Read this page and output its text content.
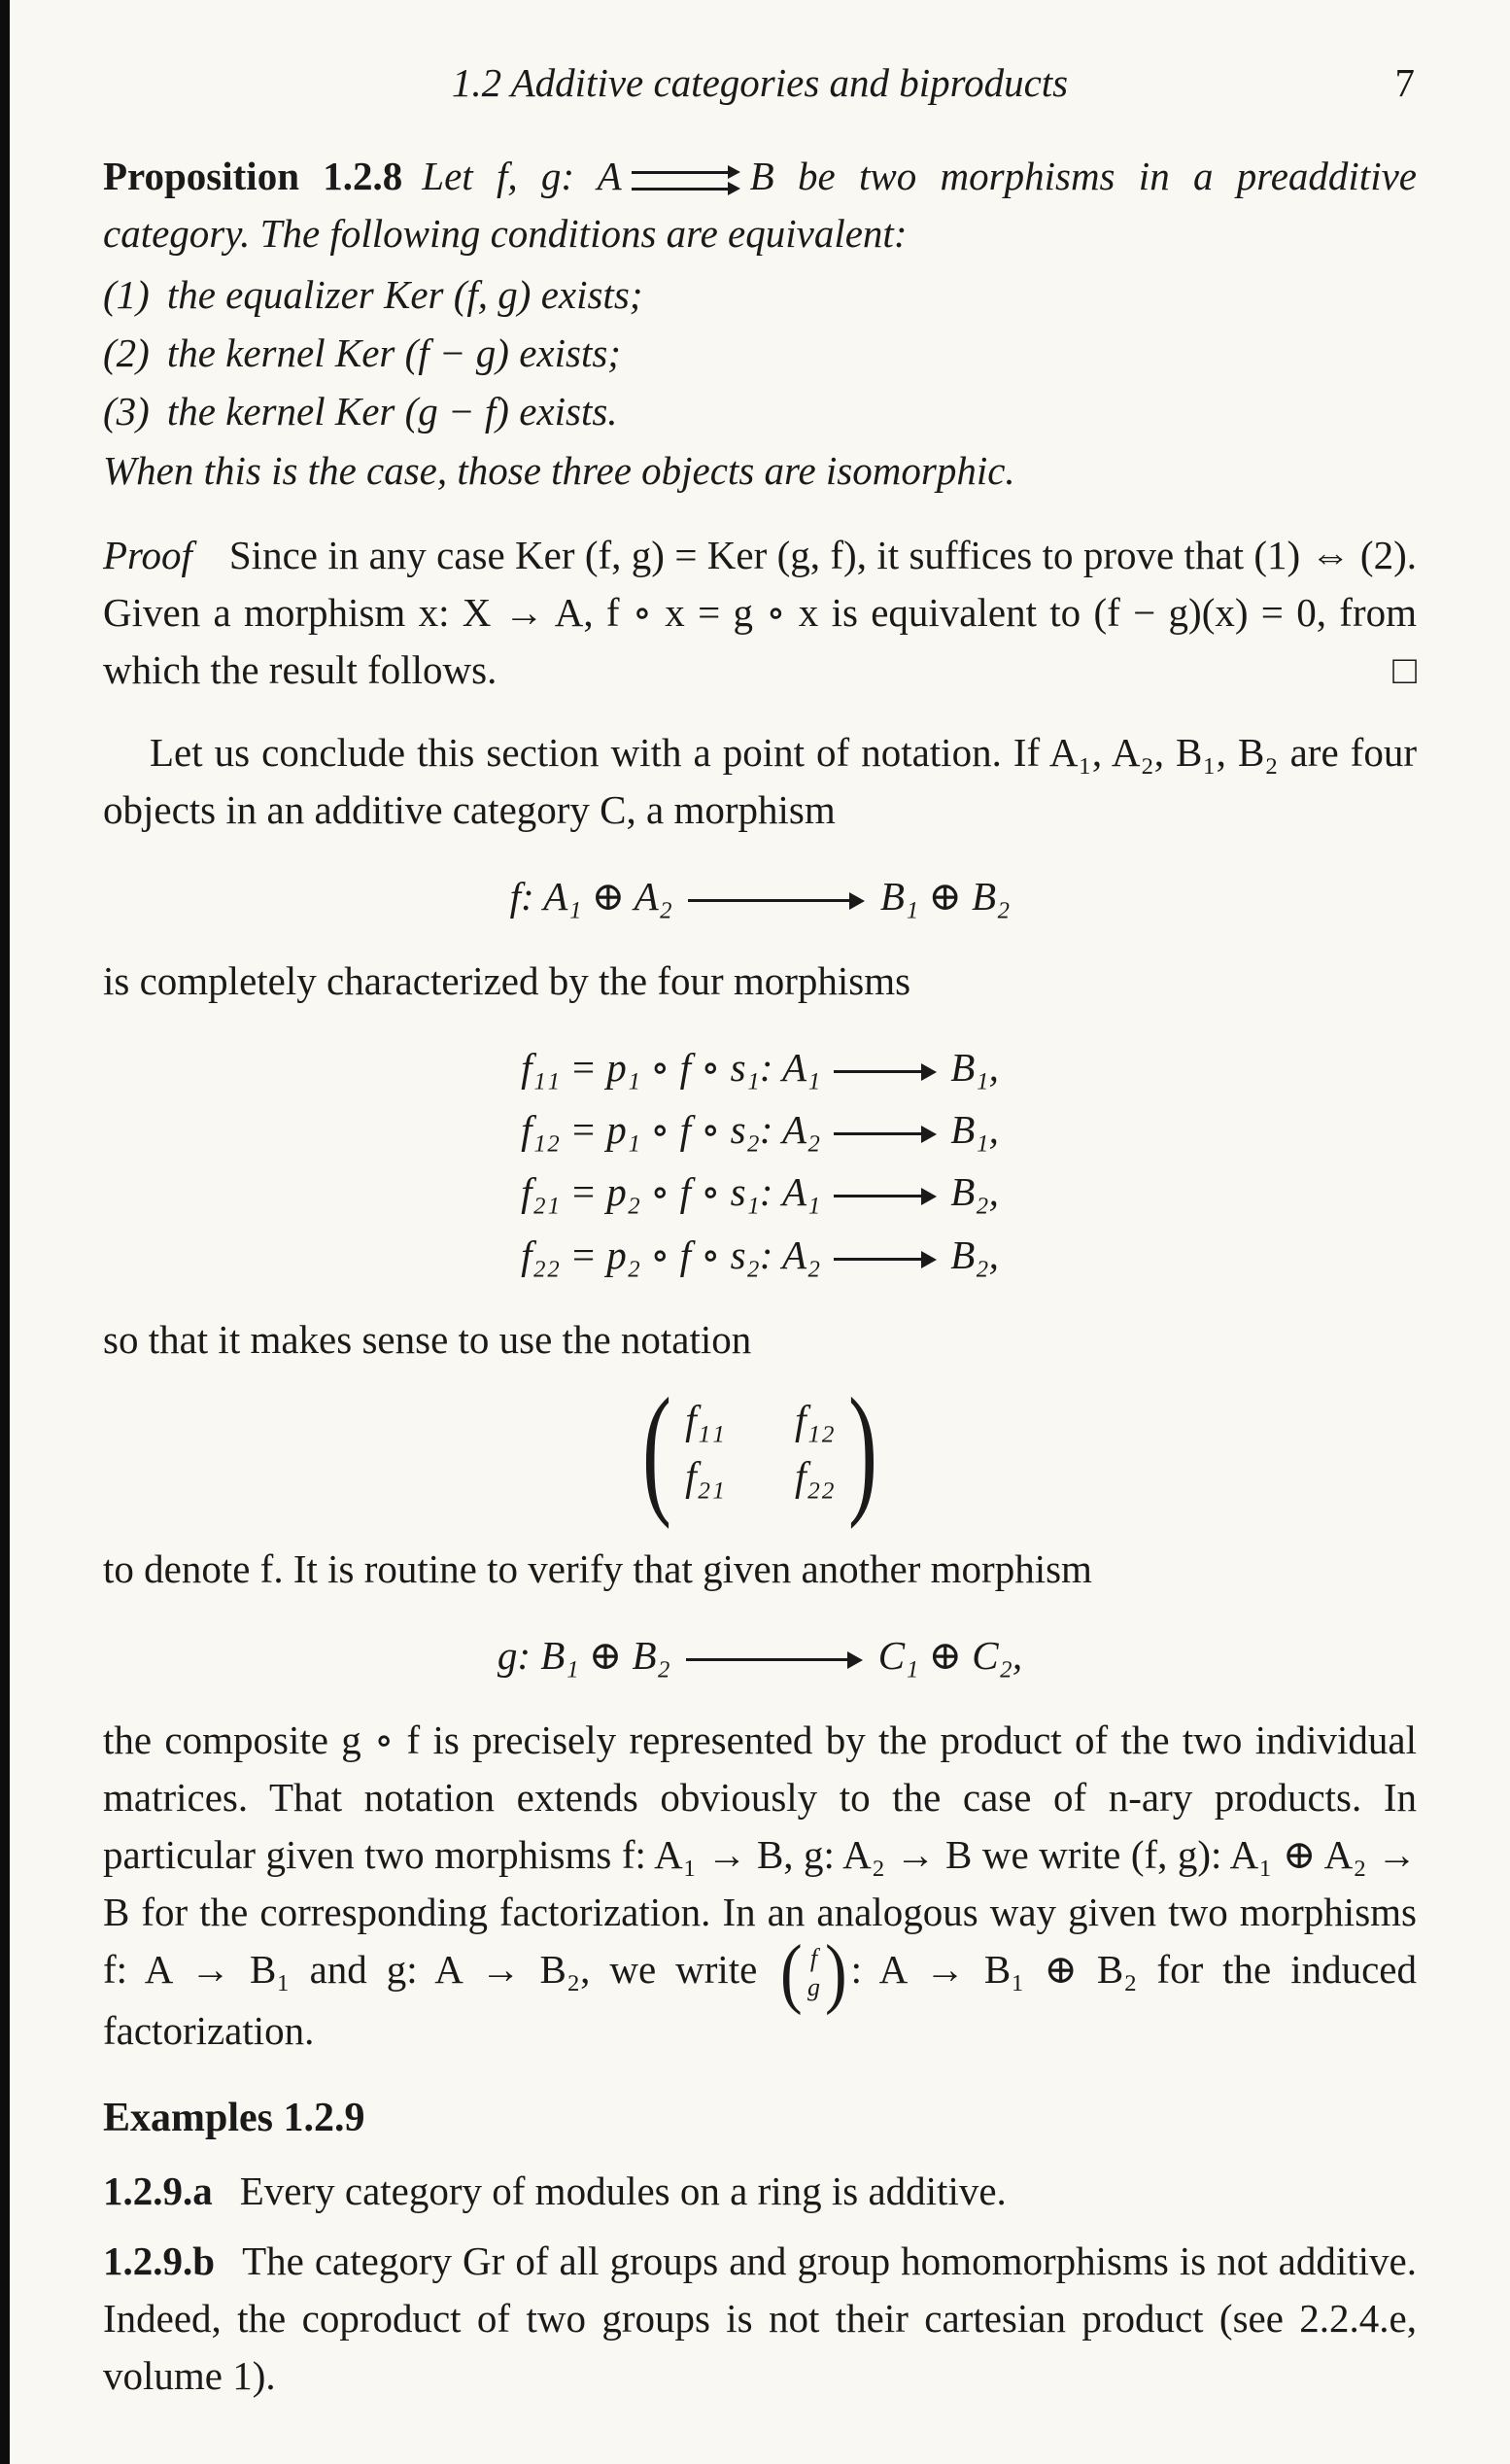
1.2 Additive categories and biproducts	7
Proposition 1.2.8 Let f, g: A	B be two morphisms in a preadditive category. The following conditions are equivalent:
(1) the equalizer Ker (f, g) exists;
(2) the kernel Ker (f − g) exists;
(3) the kernel Ker (g − f) exists.
When this is the case, those three objects are isomorphic.
Proof Since in any case Ker (f, g) = Ker (g, f), it suffices to prove that (1) ⇔ (2). Given a morphism x: X → A, f ∘ x = g ∘ x is equivalent to (f − g)(x) = 0, from which the result follows.	□
Let us conclude this section with a point of notation. If A₁, A₂, B₁, B₂ are four objects in an additive category C, a morphism
f: A₁ ⊕ A₂	B₁ ⊕ B₂
is completely characterized by the four morphisms
f₁₁ = p₁ ∘ f ∘ s₁: A₁	B₁,
f₁₂ = p₁ ∘ f ∘ s₂: A₂	B₁,
f₂₁ = p₂ ∘ f ∘ s₁: A₁	B₂,
f₂₂ = p₂ ∘ f ∘ s₂: A₂	B₂,
so that it makes sense to use the notation
( f₁₁ f₁₂
f₂₁ f₂₂ )
to denote f. It is routine to verify that given another morphism
g: B₁ ⊕ B₂	C₁ ⊕ C₂,
the composite g ∘ f is precisely represented by the product of the two individual matrices. That notation extends obviously to the case of n-ary products. In particular given two morphisms f: A₁ → B, g: A₂ → B we write (f, g): A₁ ⊕ A₂ → B for the corresponding factorization. In an analogous way given two morphisms f: A → B₁ and g: A → B₂, we write ( f
g ) : A → B₁ ⊕ B₂ for the induced factorization.
Examples 1.2.9
1.2.9.a Every category of modules on a ring is additive.
1.2.9.b The category Gr of all groups and group homomorphisms is not additive. Indeed, the coproduct of two groups is not their cartesian product (see 2.2.4.e, volume 1).
